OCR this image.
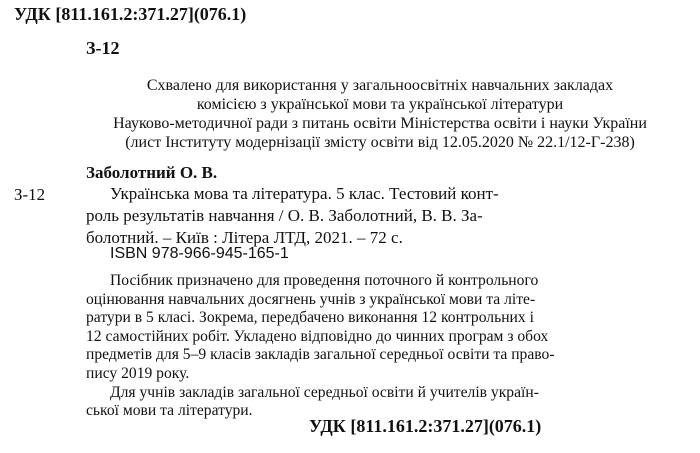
УДК [811.161.2:371.27](076.1)
З-12
Схвалено для використання у загальноосвітніх навчальних закладах
комісією з української мови та української літератури
Науково-методичної ради з питань освіти Міністерства освіти і науки України
(лист Інституту модернізації змісту освіти від 12.05.2020 № 22.1/12-Г-238)
Заболотний О. В.
З-12	Українська мова та література. 5 клас. Тестовий конт-
роль результатів навчання / О. В. Заболотний, В. В. За-
болотний. – Київ : Літера ЛТД, 2021. – 72 с.
ISBN 978-966-945-165-1
Посібник призначено для проведення поточного й контрольного
оцінювання навчальних досягнень учнів з української мови та літе-
ратури в 5 класі. Зокрема, передбачено виконання 12 контрольних і
12 самостійних робіт. Укладено відповідно до чинних програм з обох
предметів для 5–9 класів закладів загальної середньої освіти та право-
пису 2019 року.
Для учнів закладів загальної середньої освіти й учителів україн-
ської мови та літератури.
УДК [811.161.2:371.27](076.1)
